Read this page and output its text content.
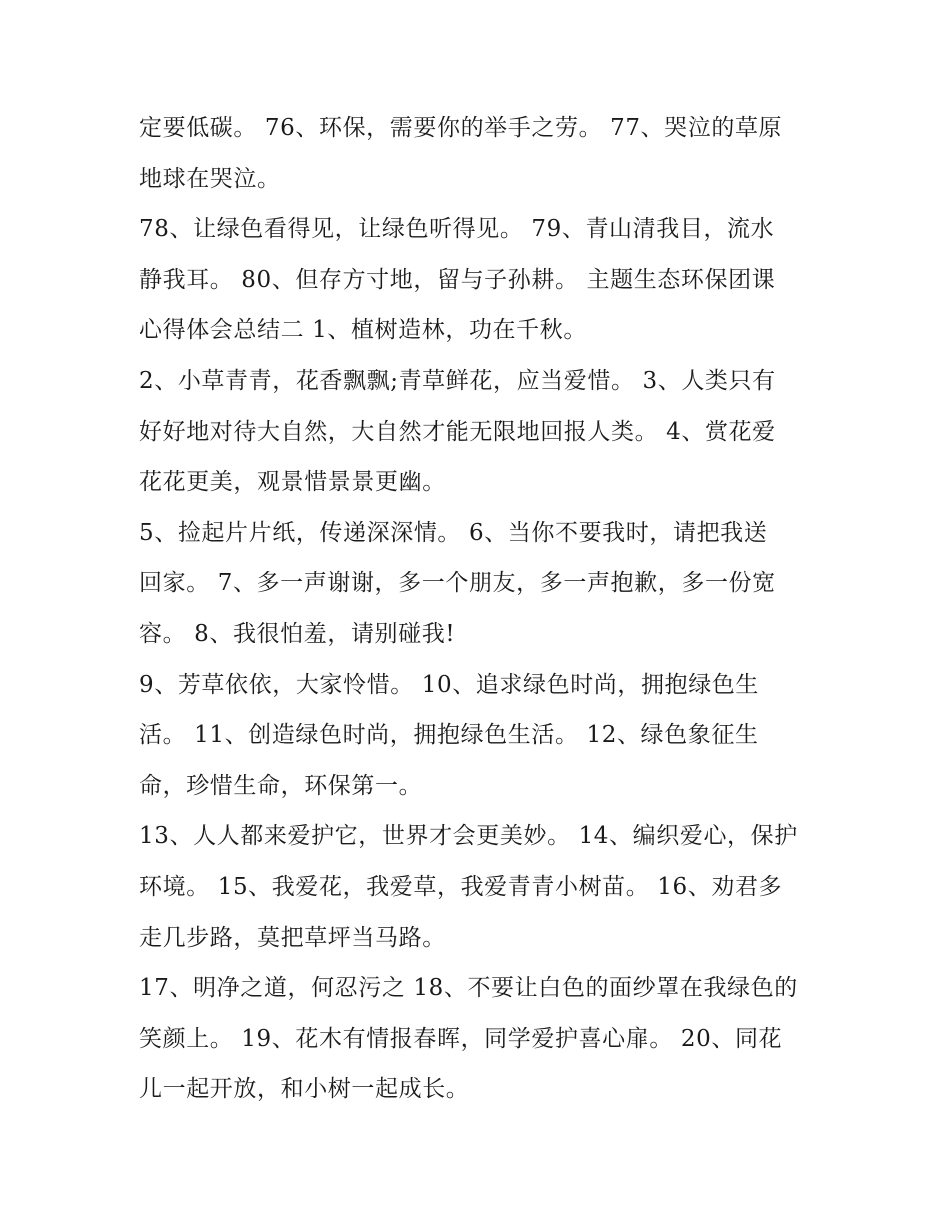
定要低碳。 76、环保，需要你的举手之劳。 77、哭泣的草原
地球在哭泣。
78、让绿色看得见，让绿色听得见。 79、青山清我目，流水
静我耳。 80、但存方寸地，留与子孙耕。 主题生态环保团课
心得体会总结二 1、植树造林，功在千秋。
2、小草青青，花香飘飘;青草鲜花，应当爱惜。 3、人类只有
好好地对待大自然，大自然才能无限地回报人类。 4、赏花爱
花花更美，观景惜景景更幽。
5、捡起片片纸，传递深深情。 6、当你不要我时，请把我送
回家。 7、多一声谢谢，多一个朋友，多一声抱歉，多一份宽
容。 8、我很怕羞，请别碰我!
9、芳草依依，大家怜惜。 10、追求绿色时尚，拥抱绿色生
活。 11、创造绿色时尚，拥抱绿色生活。 12、绿色象征生
命，珍惜生命，环保第一。
13、人人都来爱护它，世界才会更美妙。 14、编织爱心，保护
环境。 15、我爱花，我爱草，我爱青青小树苗。 16、劝君多
走几步路，莫把草坪当马路。
17、明净之道，何忍污之 18、不要让白色的面纱罩在我绿色的
笑颜上。 19、花木有情报春晖，同学爱护喜心扉。 20、同花
儿一起开放，和小树一起成长。
